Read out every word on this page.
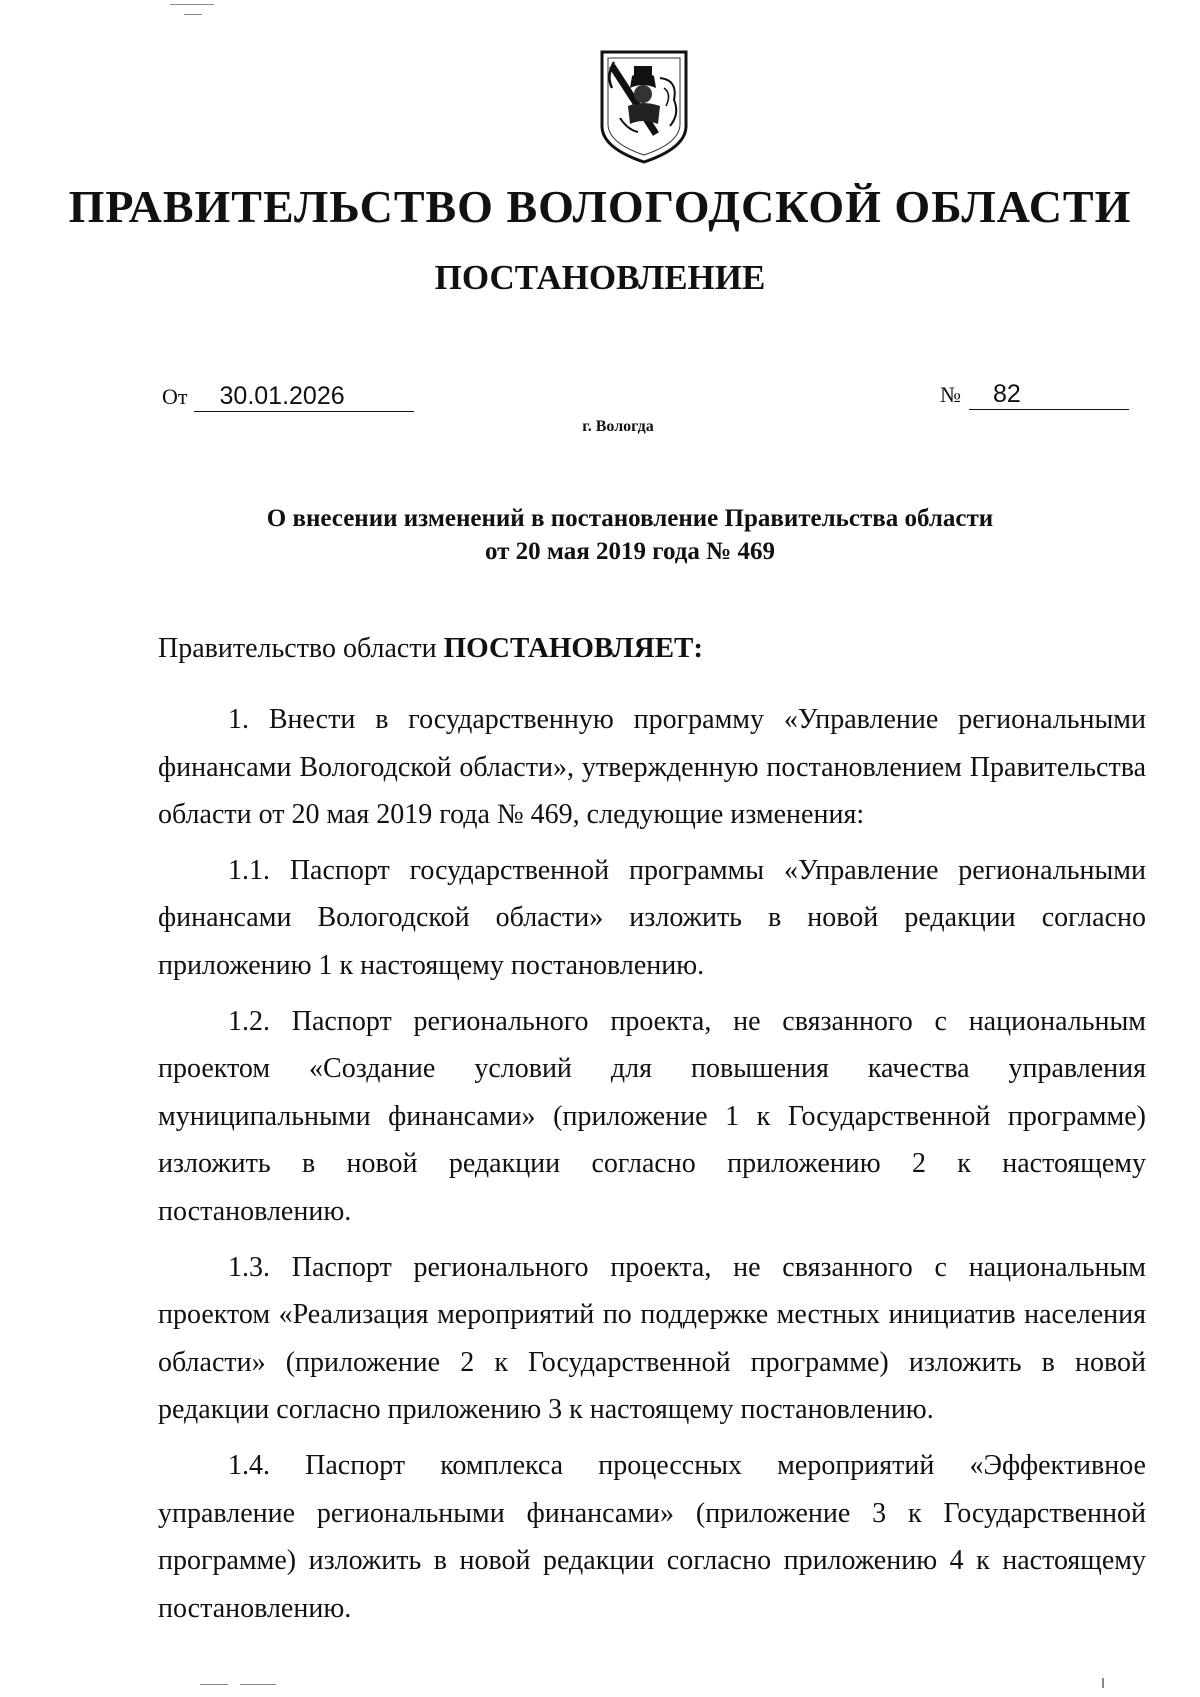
ПРАВИТЕЛЬСТВО ВОЛОГОДСКОЙ ОБЛАСТИ
ПОСТАНОВЛЕНИЕ
От	30.01.2026	№	82
г. Вологда
О внесении изменений в постановление Правительства области
от 20 мая 2019 года № 469
Правительство области ПОСТАНОВЛЯЕТ:

1. Внести в государственную программу «Управление региональными финансами Вологодской области», утвержденную постановлением Правительства области от 20 мая 2019 года № 469, следующие изменения:

1.1. Паспорт государственной программы «Управление региональными финансами Вологодской области» изложить в новой редакции согласно приложению 1 к настоящему постановлению.

1.2. Паспорт регионального проекта, не связанного с национальным проектом «Создание условий для повышения качества управления муниципальными финансами» (приложение 1 к Государственной программе) изложить в новой редакции согласно приложению 2 к настоящему постановлению.

1.3. Паспорт регионального проекта, не связанного с национальным проектом «Реализация мероприятий по поддержке местных инициатив населения области» (приложение 2 к Государственной программе) изложить в новой редакции согласно приложению 3 к настоящему постановлению.

1.4. Паспорт комплекса процессных мероприятий «Эффективное управление региональными финансами» (приложение 3 к Государственной программе) изложить в новой редакции согласно приложению 4 к настоящему постановлению.
